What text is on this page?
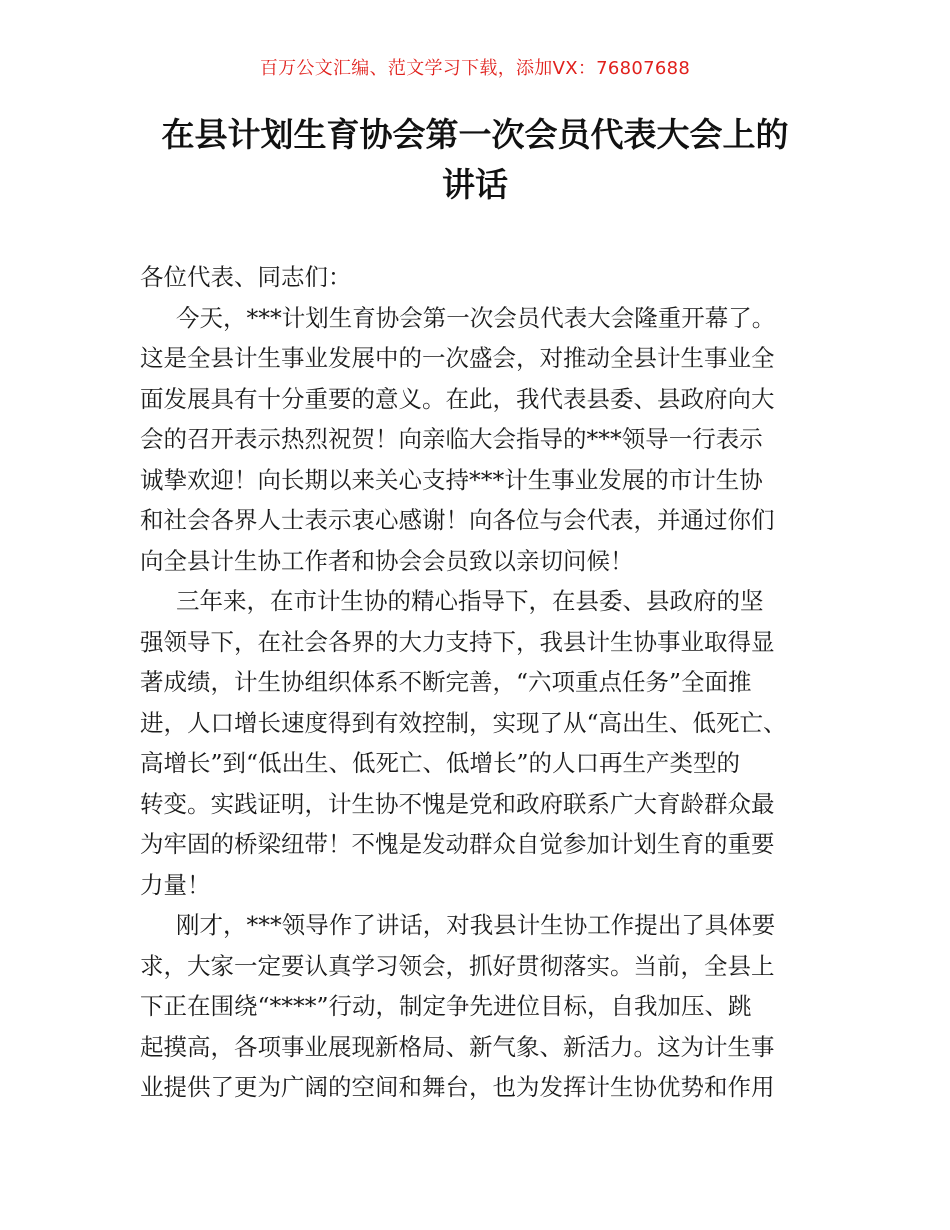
百万公文汇编、范文学习下载，添加VX：76807688
在县计划生育协会第一次会员代表大会上的
讲话
各位代表、同志们：
今天，***计划生育协会第一次会员代表大会隆重开幕了。
这是全县计生事业发展中的一次盛会，对推动全县计生事业全
面发展具有十分重要的意义。在此，我代表县委、县政府向大
会的召开表示热烈祝贺！向亲临大会指导的***领导一行表示
诚挚欢迎！向长期以来关心支持***计生事业发展的市计生协
和社会各界人士表示衷心感谢！向各位与会代表，并通过你们
向全县计生协工作者和协会会员致以亲切问候！
三年来，在市计生协的精心指导下，在县委、县政府的坚
强领导下，在社会各界的大力支持下，我县计生协事业取得显
著成绩，计生协组织体系不断完善，“六项重点任务”全面推
进，人口增长速度得到有效控制，实现了从“高出生、低死亡、
高增长”到“低出生、低死亡、低增长”的人口再生产类型的
转变。实践证明，计生协不愧是党和政府联系广大育龄群众最
为牢固的桥梁纽带！不愧是发动群众自觉参加计划生育的重要
力量！
刚才，***领导作了讲话，对我县计生协工作提出了具体要
求，大家一定要认真学习领会，抓好贯彻落实。当前，全县上
下正在围绕“****”行动，制定争先进位目标，自我加压、跳
起摸高，各项事业展现新格局、新气象、新活力。这为计生事
业提供了更为广阔的空间和舞台，也为发挥计生协优势和作用
